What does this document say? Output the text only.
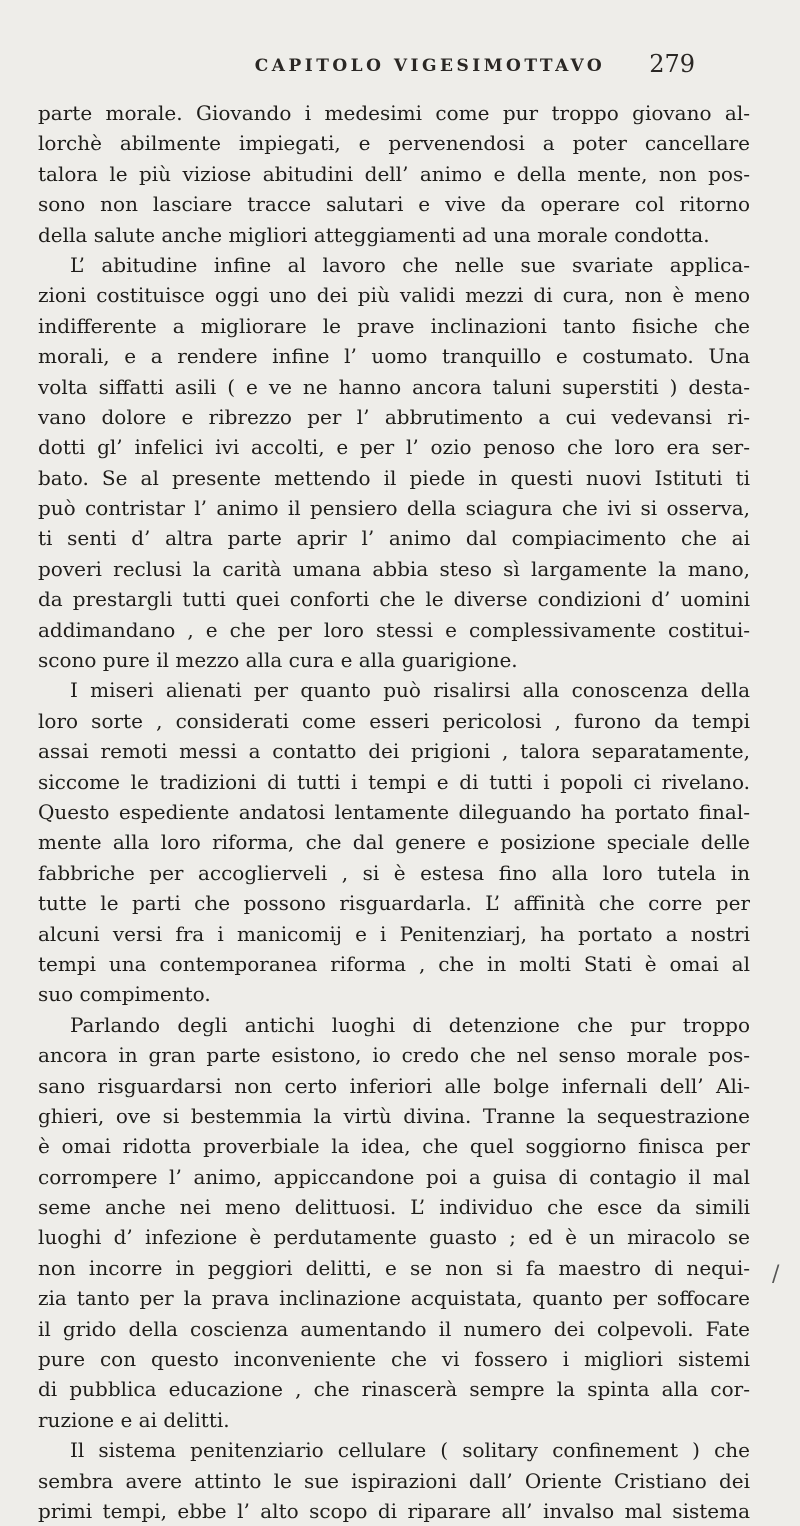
CAPITOLO VIGESIMOTTAVO	279
parte morale. Giovando i medesimi come pur troppo giovano al-
lorchè abilmente impiegati, e pervenendosi a poter cancellare
talora le più viziose abitudini dell’ animo e della mente, non pos-
sono non lasciare tracce salutari e vive da operare col ritorno
della salute anche migliori atteggiamenti ad una morale condotta.
L’ abitudine infine al lavoro che nelle sue svariate applica-
zioni costituisce oggi uno dei più validi mezzi di cura, non è meno
indifferente a migliorare le prave inclinazioni tanto fisiche che
morali, e a rendere infine l’ uomo tranquillo e costumato. Una
volta siffatti asili ( e ve ne hanno ancora taluni superstiti ) desta-
vano dolore e ribrezzo per l’ abbrutimento a cui vedevansi ri-
dotti gl’ infelici ivi accolti, e per l’ ozio penoso che loro era ser-
bato. Se al presente mettendo il piede in questi nuovi Istituti ti
può contristar l’ animo il pensiero della sciagura che ivi si osserva,
ti senti d’ altra parte aprir l’ animo dal compiacimento che ai
poveri reclusi la carità umana abbia steso sì largamente la mano,
da prestargli tutti quei conforti che le diverse condizioni d’ uomini
addimandano , e che per loro stessi e complessivamente costitui-
scono pure il mezzo alla cura e alla guarigione.
I miseri alienati per quanto può risalirsi alla conoscenza della
loro sorte , considerati come esseri pericolosi , furono da tempi
assai remoti messi a contatto dei prigioni , talora separatamente,
siccome le tradizioni di tutti i tempi e di tutti i popoli ci rivelano.
Questo espediente andatosi lentamente dileguando ha portato final-
mente alla loro riforma, che dal genere e posizione speciale delle
fabbriche per accoglierveli , si è estesa fino alla loro tutela in
tutte le parti che possono risguardarla. L’ affinità che corre per
alcuni versi fra i manicomij e i Penitenziarj, ha portato a nostri
tempi una contemporanea riforma , che in molti Stati è omai al
suo compimento.
Parlando degli antichi luoghi di detenzione che pur troppo
ancora in gran parte esistono, io credo che nel senso morale pos-
sano risguardarsi non certo inferiori alle bolge infernali dell’ Ali-
ghieri, ove si bestemmia la virtù divina. Tranne la sequestrazione
è omai ridotta proverbiale la idea, che quel soggiorno finisca per
corrompere l’ animo, appiccandone poi a guisa di contagio il mal
seme anche nei meno delittuosi. L’ individuo che esce da simili
luoghi d’ infezione è perdutamente guasto ; ed è un miracolo se
non incorre in peggiori delitti, e se non si fa maestro di nequi-
zia tanto per la prava inclinazione acquistata, quanto per soffocare
il grido della coscienza aumentando il numero dei colpevoli. Fate
pure con questo inconveniente che vi fossero i migliori sistemi
di pubblica educazione , che rinascerà sempre la spinta alla cor-
ruzione e ai delitti.
Il sistema penitenziario cellulare ( solitary confinement ) che
sembra avere attinto le sue ispirazioni dall’ Oriente Cristiano dei
primi tempi, ebbe l’ alto scopo di riparare all’ invalso mal sistema
/
